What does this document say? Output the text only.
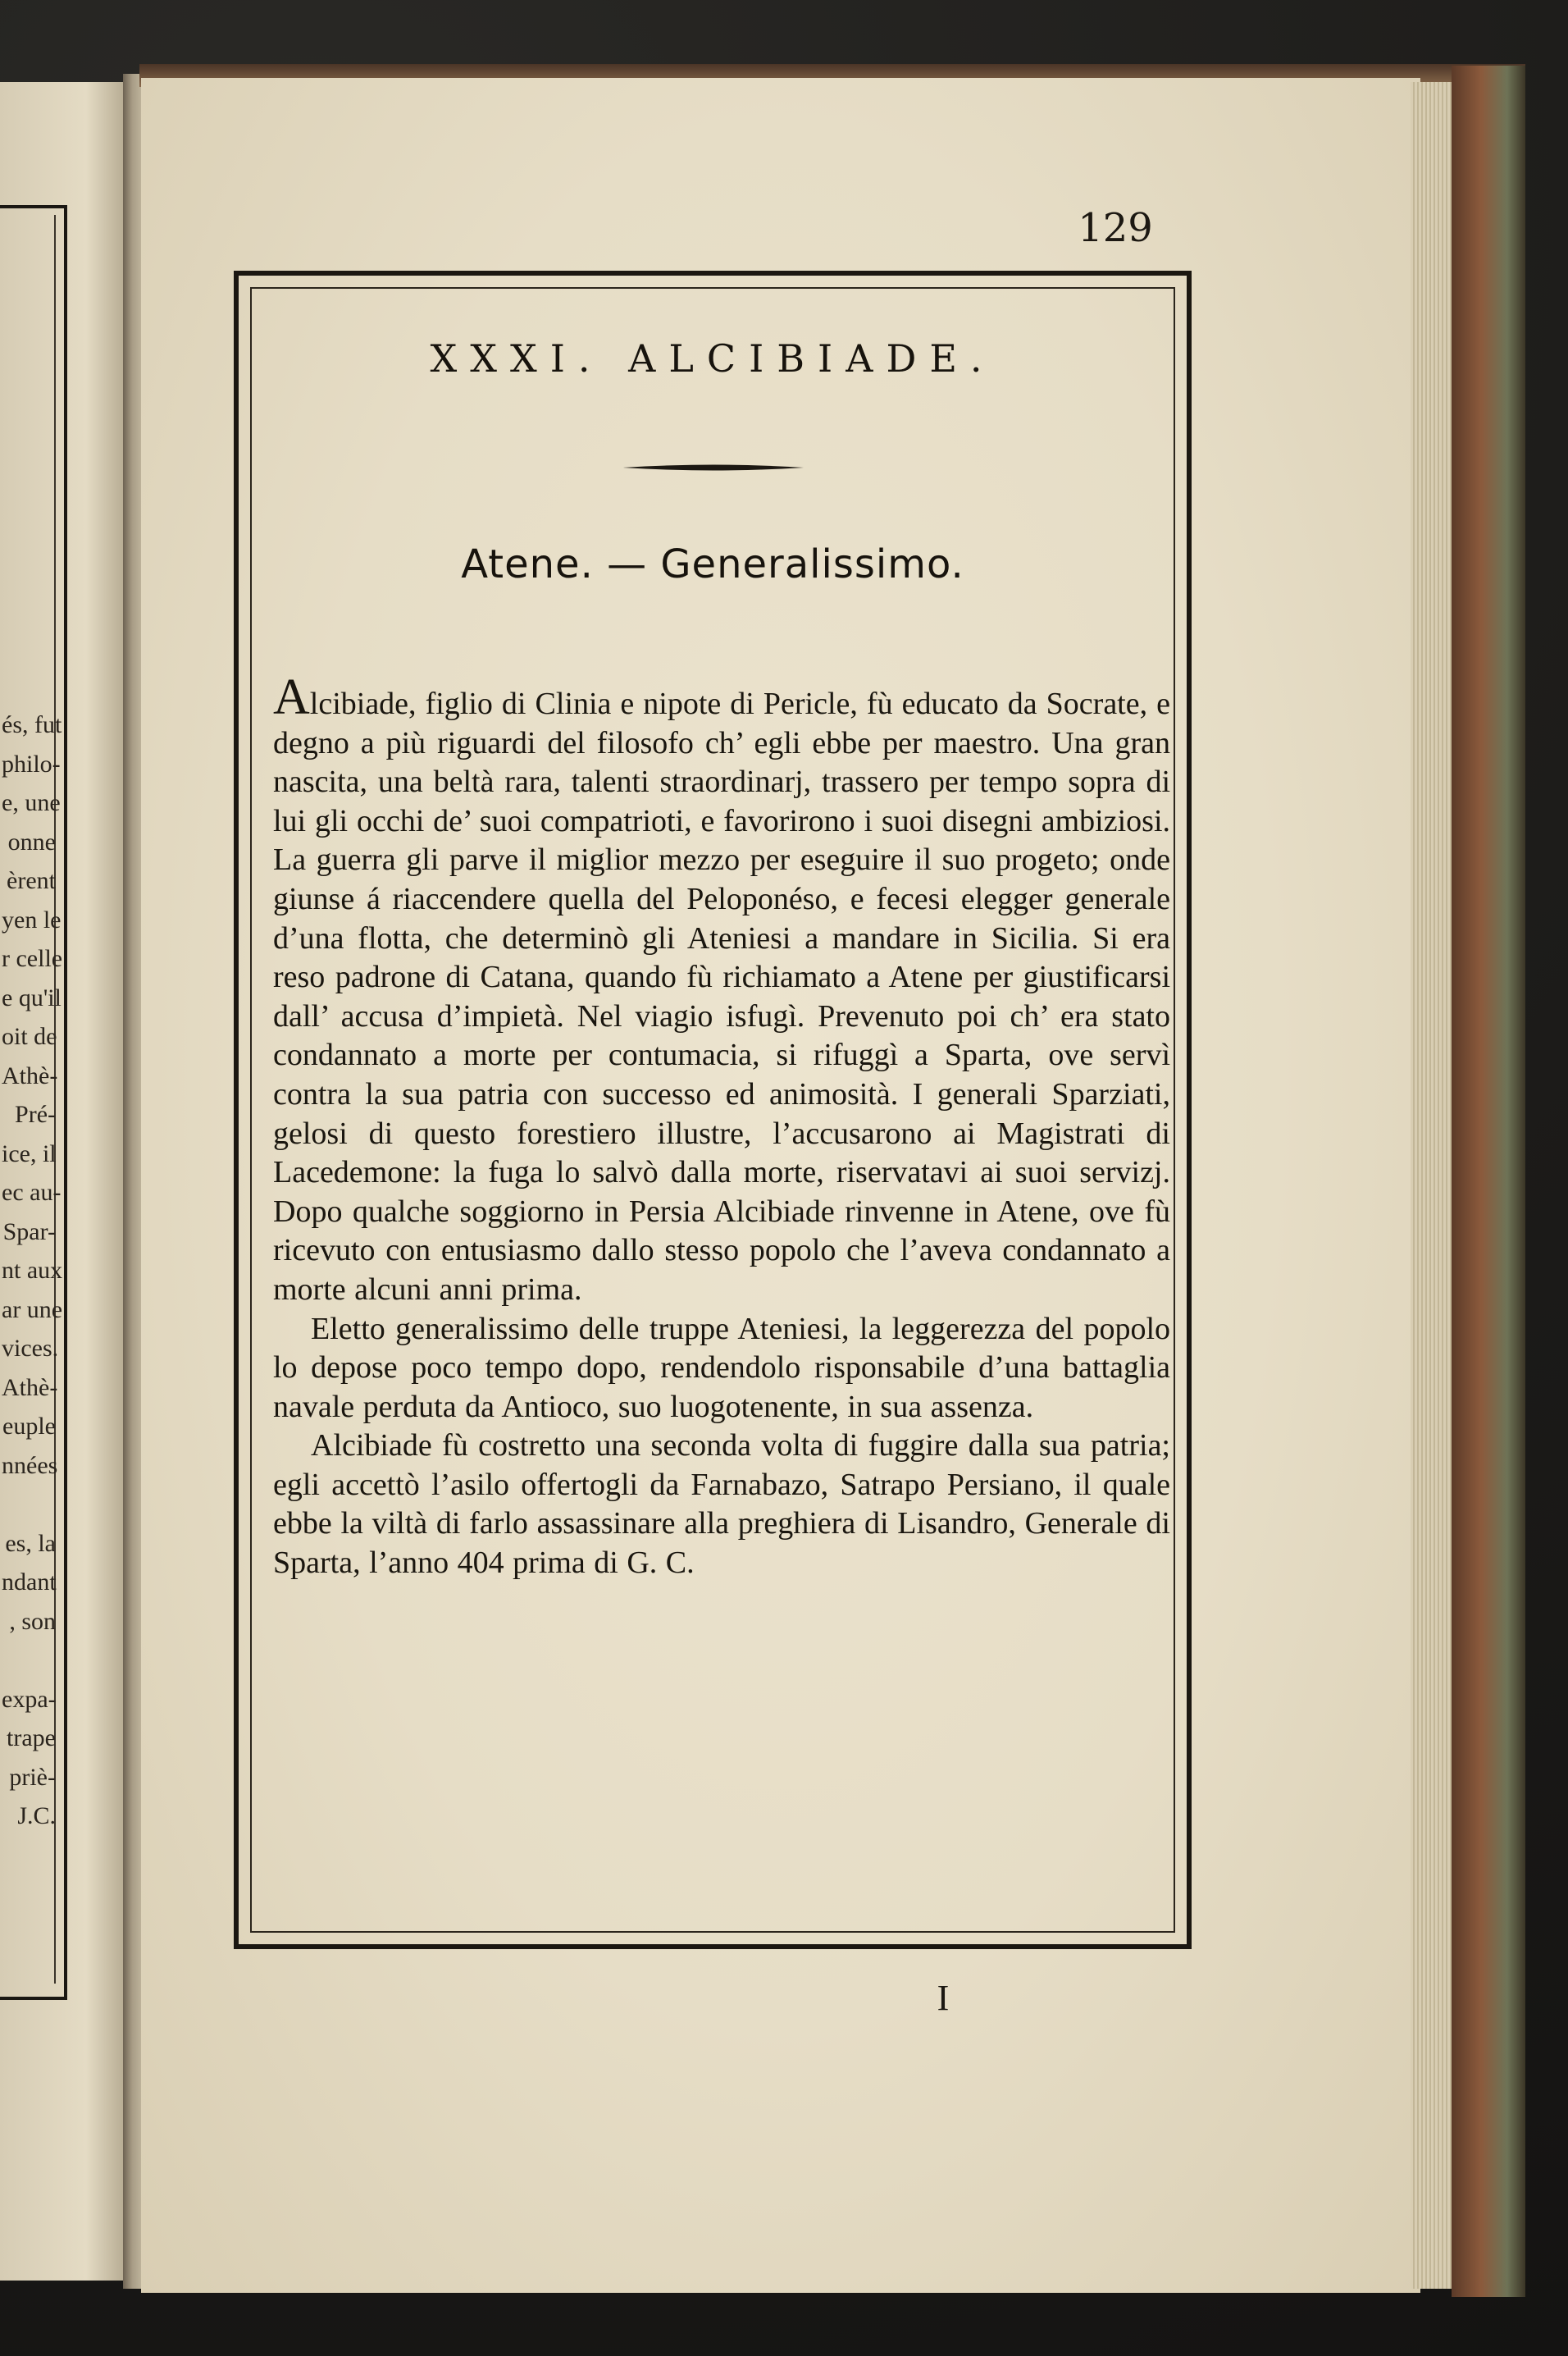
és, fut
philo-
e, une
onne
èrent
yen le
r celle
e qu'il
oit de
Athè-
Pré-
ice, il
ec au-
Spar-
nt aux
ar une
vices.
Athè-
euple
nnées
es, la
ndant
, son
expa-
trape
priè-
J.C.
129
XXXI. ALCIBIADE.
Atene. — Generalissimo.

Alcibiade, figlio di Clinia e nipote di Pericle, fù educato da Socrate, e degno a più riguardi del filosofo ch’ egli ebbe per maestro. Una gran nascita, una beltà rara, talenti straordinarj, trassero per tempo sopra di lui gli occhi de’ suoi compatrioti, e favorirono i suoi disegni ambiziosi. La guerra gli parve il miglior mezzo per eseguire il suo progeto; onde giunse á riaccendere quella del Peloponéso, e fecesi elegger generale d’una flotta, che determinò gli Ateniesi a mandare in Sicilia. Si era reso padrone di Catana, quando fù richiamato a Atene per giustificarsi dall’ accusa d’impietà. Nel viagio isfugì. Prevenuto poi ch’ era stato condannato a morte per contumacia, si rifuggì a Sparta, ove servì contra la sua patria con successo ed animosità. I generali Sparziati, gelosi di questo forestiero illustre, l’accusarono ai Magistrati di Lacedemone: la fuga lo salvò dalla morte, riservatavi ai suoi servizj. Dopo qualche soggiorno in Persia Alcibiade rinvenne in Atene, ove fù ricevuto con entusiasmo dallo stesso popolo che l’aveva condannato a morte alcuni anni prima.

Eletto generalissimo delle truppe Ateniesi, la leggerezza del popolo lo depose poco tempo dopo, rendendolo risponsabile d’una battaglia navale perduta da Antioco, suo luogotenente, in sua assenza.

Alcibiade fù costretto una seconda volta di fuggire dalla sua patria; egli accettò l’asilo offertogli da Farnabazo, Satrapo Persiano, il quale ebbe la viltà di farlo assassinare alla preghiera di Lisandro, Generale di Sparta, l’anno 404 prima di G. C.

I
